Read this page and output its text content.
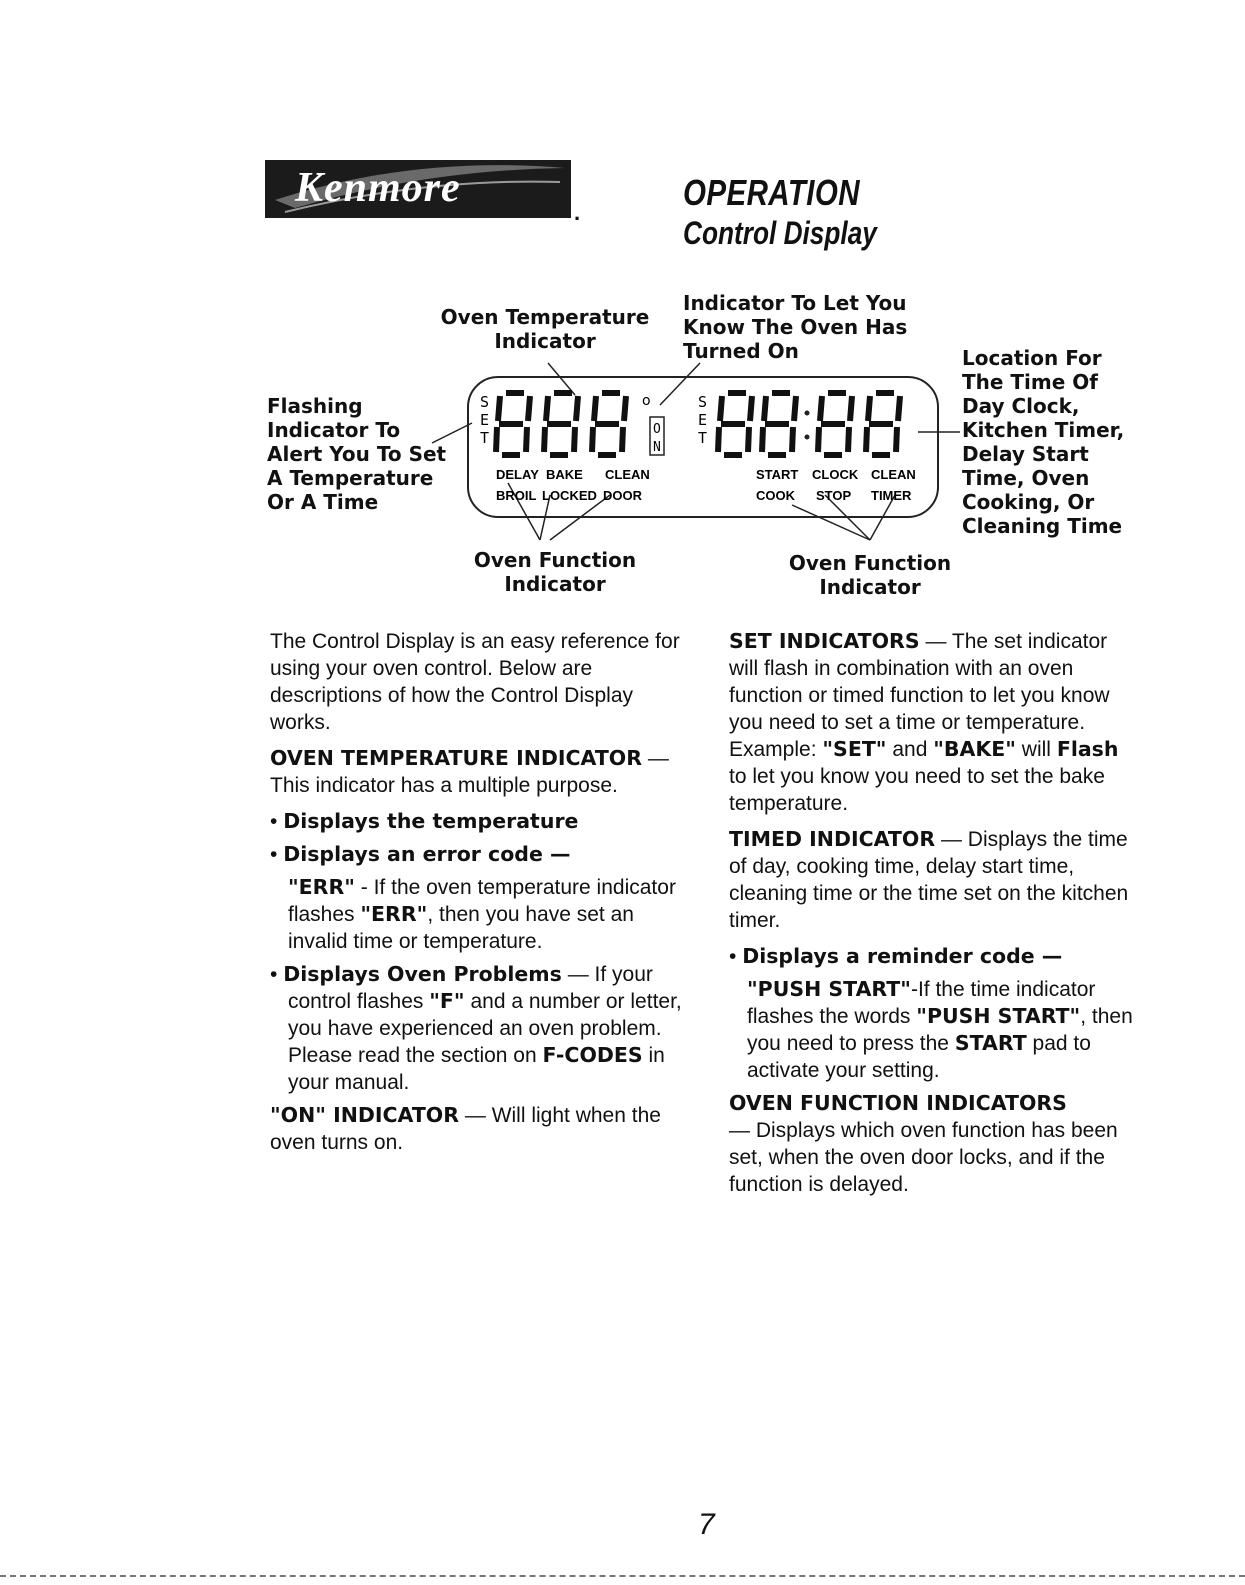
Kenmore
.	OPERATION
Control Display
Oven Temperature
Indicator
Indicator To Let You
Know The Oven Has
Turned On
Flashing
Indicator To
Alert You To Set
A Temperature
Or A Time
Location For
The Time Of
Day Clock,
Kitchen Timer,
Delay Start
Time, Oven
Cooking, Or
Cleaning Time
Oven Function
Indicator
Oven Function
Indicator
S
E
T
o
O
N
S
E
T
DELAY BAKE CLEAN
BROIL LOCKED DOOR
START CLOCK CLEAN
COOK STOP TIMER

The Control Display is an easy reference for using your oven control. Below are descriptions of how the Control Display works.

OVEN TEMPERATURE INDICATOR — This indicator has a multiple purpose.

• Displays the temperature

• Displays an error code —

"ERR" - If the oven temperature indicator flashes "ERR", then you have set an invalid time or temperature.

• Displays Oven Problems — If your control flashes "F" and a number or letter, you have experienced an oven problem. Please read the section on F-CODES in your manual.

"ON" INDICATOR — Will light when the oven turns on.

SET INDICATORS — The set indicator will flash in combination with an oven function or timed function to let you know you need to set a time or temperature. Example: "SET" and "BAKE" will Flash to let you know you need to set the bake temperature.

TIMED INDICATOR — Displays the time of day, cooking time, delay start time, cleaning time or the time set on the kitchen timer.

• Displays a reminder code —

"PUSH START"-If the time indicator flashes the words "PUSH START", then you need to press the START pad to activate your setting.

OVEN FUNCTION INDICATORS
— Displays which oven function has been set, when the oven door locks, and if the function is delayed.

7
